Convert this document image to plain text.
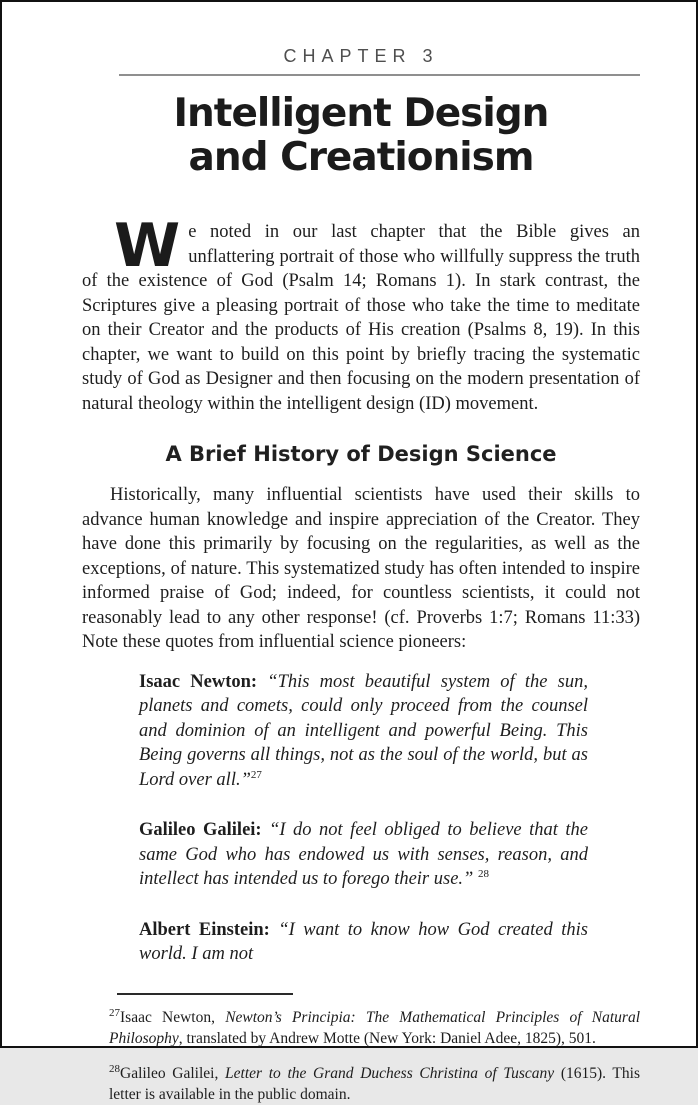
CHAPTER 3
Intelligent Design
and Creationism

We noted in our last chapter that the Bible gives an unflattering portrait of those who willfully suppress the truth of the existence of God (Psalm 14; Romans 1). In stark contrast, the Scriptures give a pleasing portrait of those who take the time to meditate on their Creator and the products of His creation (Psalms 8, 19). In this chapter, we want to build on this point by briefly tracing the systematic study of God as Designer and then focusing on the modern presentation of natural theology within the intelligent design (ID) movement.

A Brief History of Design Science

Historically, many influential scientists have used their skills to advance human knowledge and inspire appreciation of the Creator. They have done this primarily by focusing on the regularities, as well as the exceptions, of nature. This systematized study has often intended to inspire informed praise of God; indeed, for countless scientists, it could not reasonably lead to any other response! (cf. Proverbs 1:7; Romans 11:33) Note these quotes from influential science pioneers:

Isaac Newton: “This most beautiful system of the sun, planets and comets, could only proceed from the counsel and dominion of an intelligent and powerful Being. This Being governs all things, not as the soul of the world, but as Lord over all.”$^{27}$

Galileo Galilei: “I do not feel obliged to believe that the same God who has endowed us with senses, reason, and intellect has intended us to forego their use.” $^{28}$

Albert Einstein: “I want to know how God created this world. I am not

$^{27}$Isaac Newton, Newton’s Principia: The Mathematical Principles of Natural Philosophy, translated by Andrew Motte (New York: Daniel Adee, 1825), 501.

$^{28}$Galileo Galilei, Letter to the Grand Duchess Christina of Tuscany (1615). This letter is available in the public domain.
